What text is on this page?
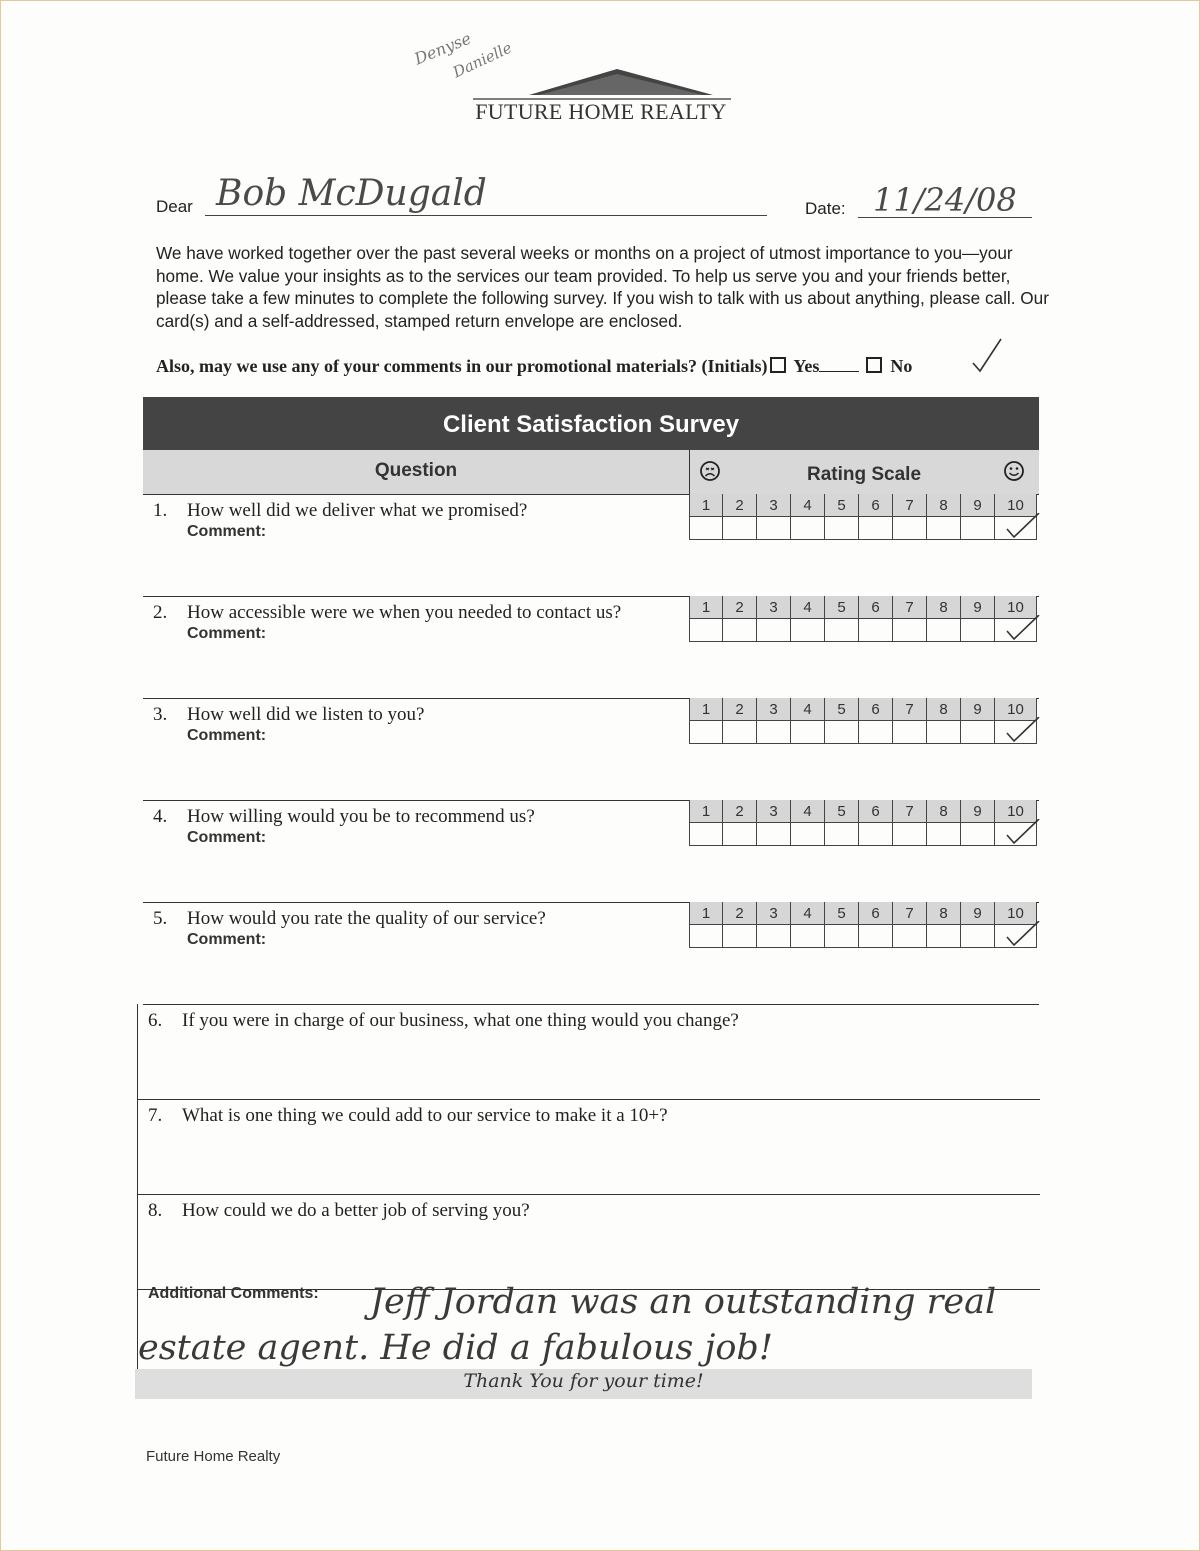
Denyse
Danielle
FUTURE HOME REALTY
Dear Bob McDugald	Date: 11/24/08

We have worked together over the past several weeks or months on a project of utmost importance to you—your home. We value your insights as to the services our team provided. To help us serve you and your friends better, please take a few minutes to complete the following survey. If you wish to talk with us about anything, please call. Our card(s) and a self-addressed, stamped return envelope are enclosed.

Also, may we use any of your comments in our promotional materials? (Initials) Yes	No
Client Satisfaction Survey
Question	Rating Scale
1. How well did we deliver what we promised?
Comment:
1	2	3	4	5	6	7	8	9	10
2. How accessible were we when you needed to contact us?
Comment:
1	2	3	4	5	6	7	8	9	10
3. How well did we listen to you?
Comment:
1	2	3	4	5	6	7	8	9	10
4. How willing would you be to recommend us?
Comment:
1	2	3	4	5	6	7	8	9	10
5. How would you rate the quality of our service?
Comment:
1	2	3	4	5	6	7	8	9	10
6. If you were in charge of our business, what one thing would you change?
7. What is one thing we could add to our service to make it a 10+?
8. How could we do a better job of serving you?
Additional Comments:	Jeff Jordan was an outstanding real estate agent. He did a fabulous job!
Thank You for your time!
Future Home Realty
